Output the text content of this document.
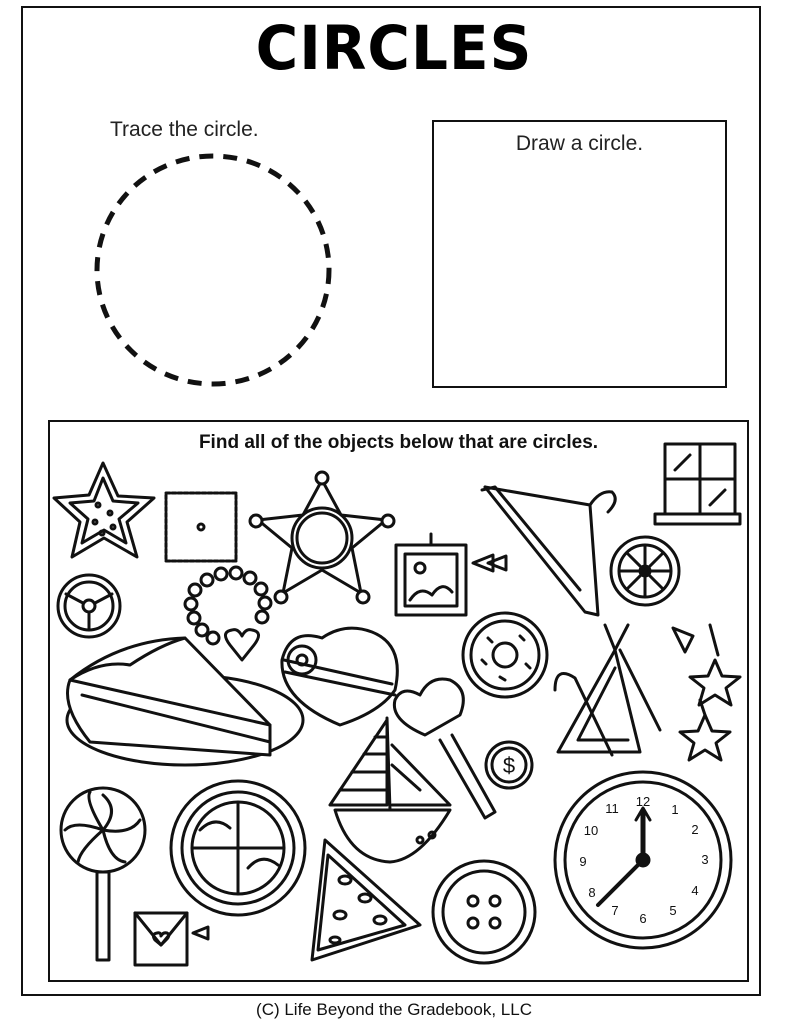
CIRCLES
Trace the circle.
12
1
2
3
4
5
6
7
8
9
10
11
$
Draw a circle.
Find all of the objects below that are circles.
(C) Life Beyond the Gradebook, LLC
